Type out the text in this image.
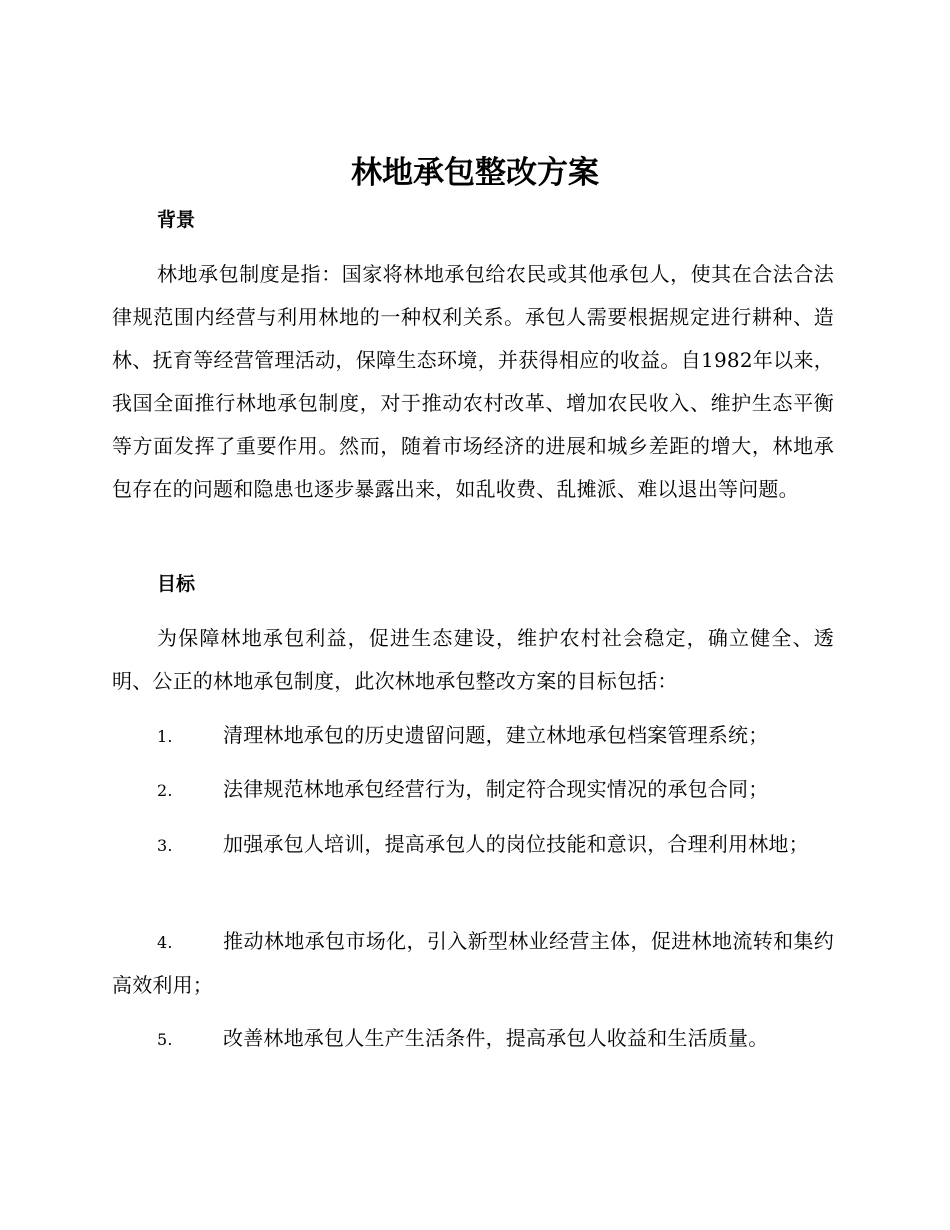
林地承包整改方案
背景

林地承包制度是指：国家将林地承包给农民或其他承包人，使其在合法合法律规范围内经营与利用林地的一种权利关系。承包人需要根据规定进行耕种、造林、抚育等经营管理活动，保障生态环境，并获得相应的收益。自1982年以来，我国全面推行林地承包制度，对于推动农村改革、增加农民收入、维护生态平衡等方面发挥了重要作用。然而，随着市场经济的进展和城乡差距的增大，林地承包存在的问题和隐患也逐步暴露出来，如乱收费、乱摊派、难以退出等问题。

目标

为保障林地承包利益，促进生态建设，维护农村社会稳定，确立健全、透明、公正的林地承包制度，此次林地承包整改方案的目标包括：

1.	清理林地承包的历史遗留问题，建立林地承包档案管理系统；
2.	法律规范林地承包经营行为，制定符合现实情况的承包合同；
3.	加强承包人培训，提高承包人的岗位技能和意识，合理利用林地；
4.	推动林地承包市场化，引入新型林业经营主体，促进林地流转和集约高效利用；
5.	改善林地承包人生产生活条件，提高承包人收益和生活质量。
